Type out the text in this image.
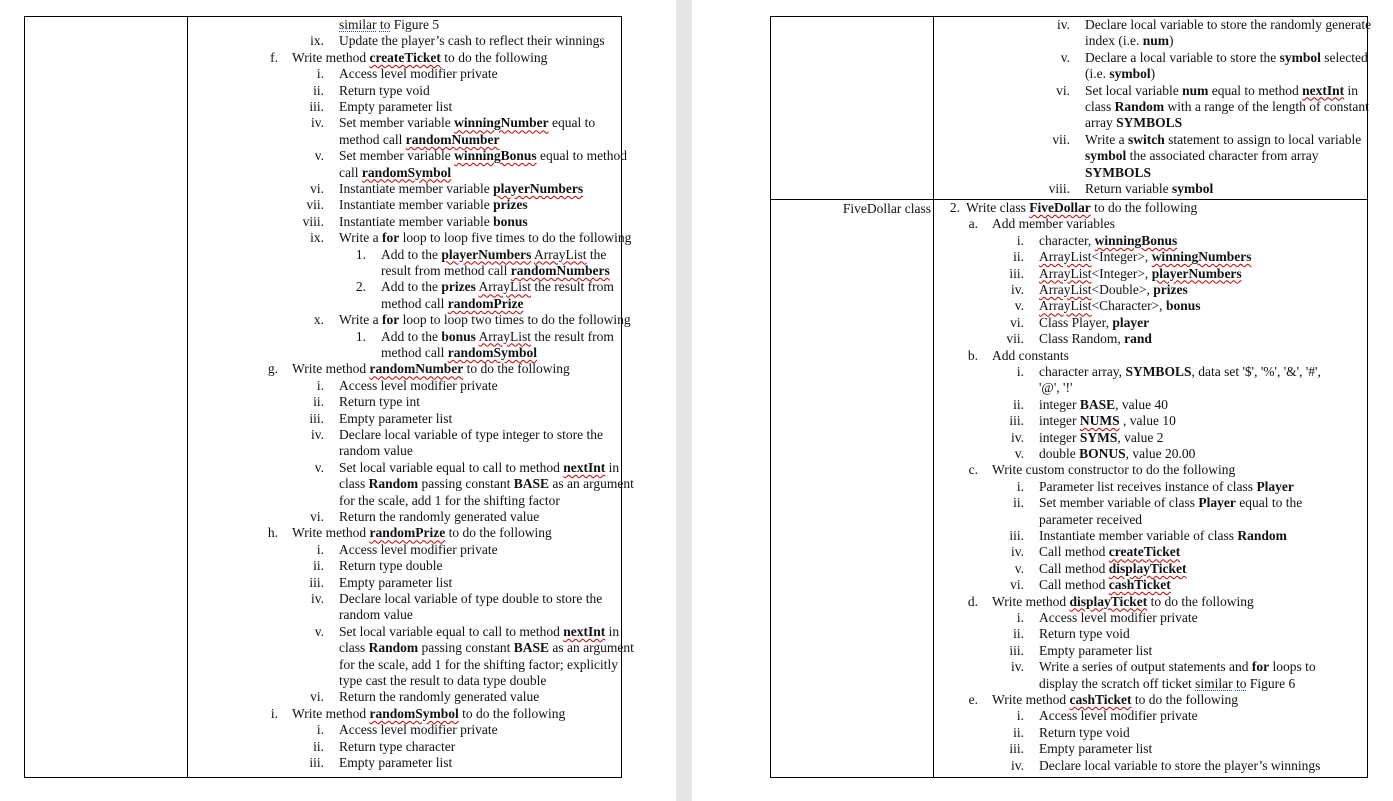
similar to Figure 5
ix. Update the player’s cash to reflect their winnings
f. Write method createTicket to do the following
i. Access level modifier private
ii. Return type void
iii. Empty parameter list
iv. Set member variable winningNumber equal to
method call randomNumber
v. Set member variable winningBonus equal to method
call randomSymbol
vi. Instantiate member variable playerNumbers
vii. Instantiate member variable prizes
viii. Instantiate member variable bonus
ix. Write a for loop to loop five times to do the following
1. Add to the playerNumbers ArrayList the
result from method call randomNumbers
2. Add to the prizes ArrayList the result from
method call randomPrize
x. Write a for loop to loop two times to do the following
1. Add to the bonus ArrayList the result from
method call randomSymbol
g. Write method randomNumber to do the following
i. Access level modifier private
ii. Return type int
iii. Empty parameter list
iv. Declare local variable of type integer to store the
random value
v. Set local variable equal to call to method nextInt in
class Random passing constant BASE as an argument
for the scale, add 1 for the shifting factor
vi. Return the randomly generated value
h. Write method randomPrize to do the following
i. Access level modifier private
ii. Return type double
iii. Empty parameter list
iv. Declare local variable of type double to store the
random value
v. Set local variable equal to call to method nextInt in
class Random passing constant BASE as an argument
for the scale, add 1 for the shifting factor; explicitly
type cast the result to data type double
vi. Return the randomly generated value
i. Write method randomSymbol to do the following
i. Access level modifier private
ii. Return type character
iii. Empty parameter list
FiveDollar class
iv. Declare local variable to store the randomly generate
index (i.e. num)
v. Declare a local variable to store the symbol selected
(i.e. symbol)
vi. Set local variable num equal to method nextInt in
class Random with a range of the length of constant
array SYMBOLS
vii. Write a switch statement to assign to local variable
symbol the associated character from array
SYMBOLS
viii. Return variable symbol
2. Write class FiveDollar to do the following
a. Add member variables
i. character, winningBonus
ii. ArrayList<Integer>, winningNumbers
iii. ArrayList<Integer>, playerNumbers
iv. ArrayList<Double>, prizes
v. ArrayList<Character>, bonus
vi. Class Player, player
vii. Class Random, rand
b. Add constants
i. character array, SYMBOLS, data set '$', '%', '&', '#',
'@', '!'
ii. integer BASE, value 40
iii. integer NUMS , value 10
iv. integer SYMS, value 2
v. double BONUS, value 20.00
c. Write custom constructor to do the following
i. Parameter list receives instance of class Player
ii. Set member variable of class Player equal to the
parameter received
iii. Instantiate member variable of class Random
iv. Call method createTicket
v. Call method displayTicket
vi. Call method cashTicket
d. Write method displayTicket to do the following
i. Access level modifier private
ii. Return type void
iii. Empty parameter list
iv. Write a series of output statements and for loops to
display the scratch off ticket similar to Figure 6
e. Write method cashTicket to do the following
i. Access level modifier private
ii. Return type void
iii. Empty parameter list
iv. Declare local variable to store the player’s winnings
